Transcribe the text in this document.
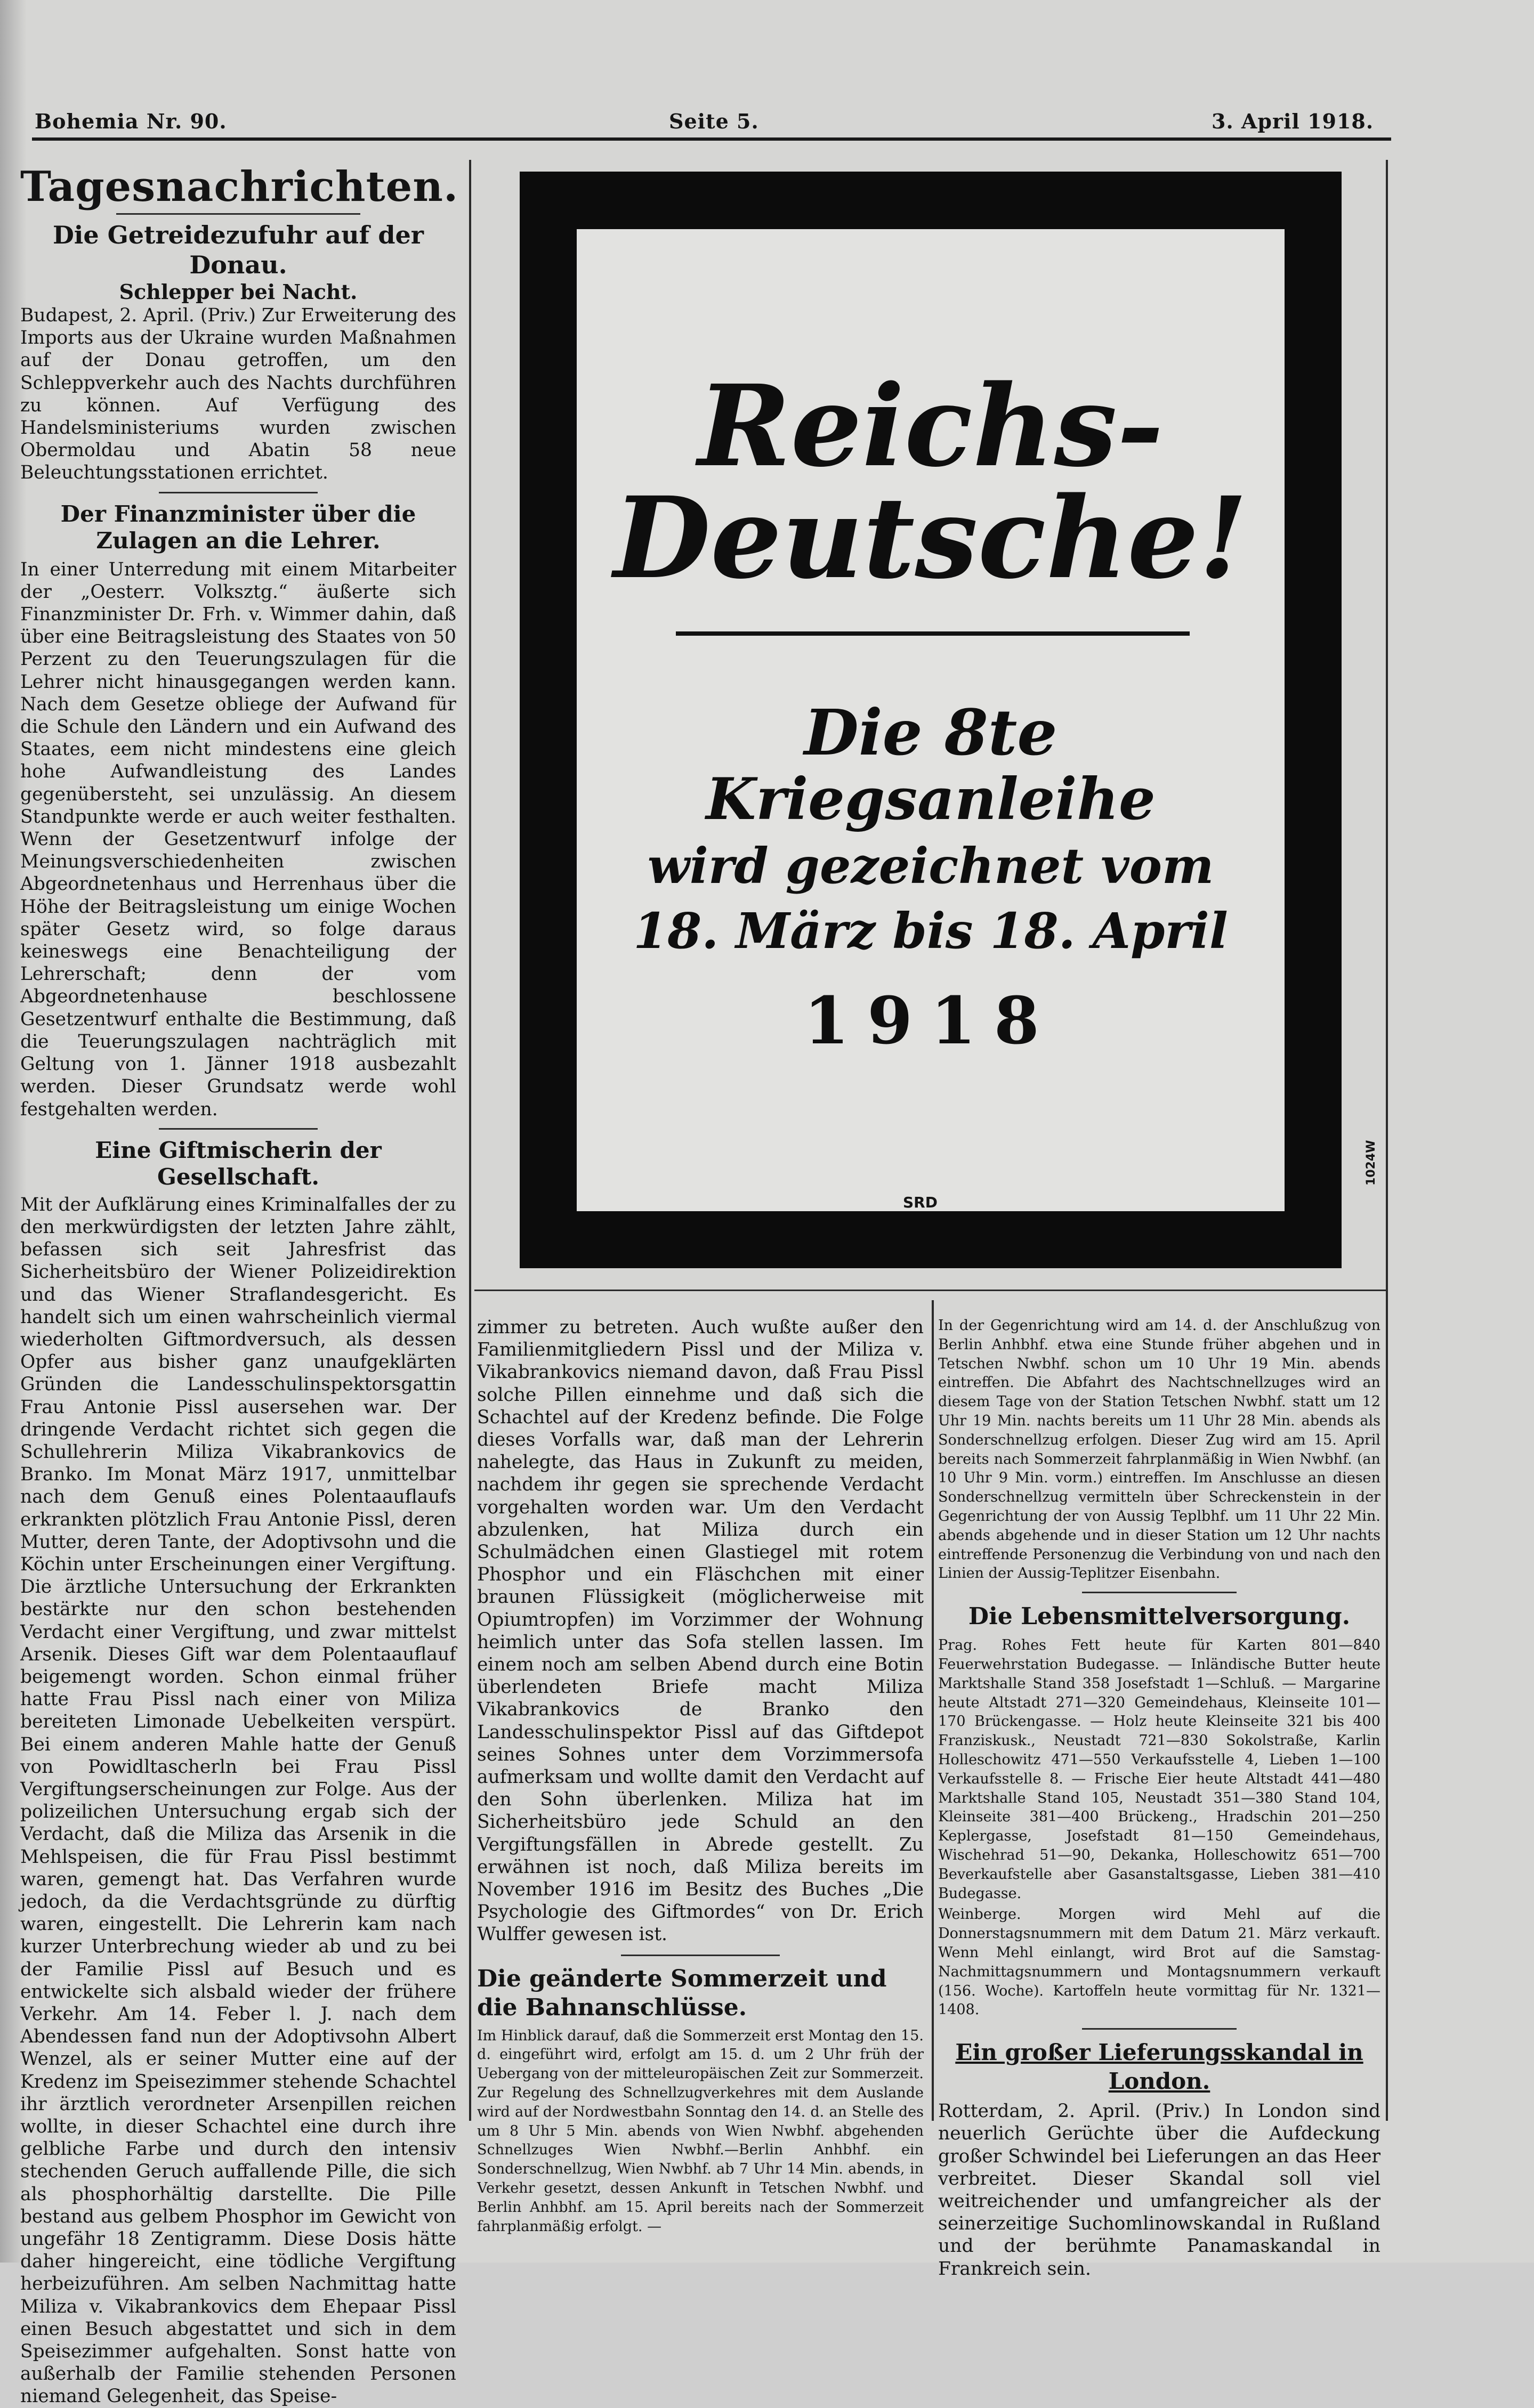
Bohemia Nr. 90.	Seite 5.	3. April 1918.

Tagesnachrichten.

Die Getreidezufuhr auf der Donau.

Schlepper bei Nacht.

Budapest, 2. April. (Priv.) Zur Erweiterung des Imports aus der Ukraine wurden Maßnahmen auf der Donau getroffen, um den Schleppverkehr auch des Nachts durchführen zu können. Auf Verfügung des Handelsministeriums wurden zwischen Obermoldau und Abatin 58 neue Beleuchtungsstationen errichtet.

Der Finanzminister über die Zulagen an die Lehrer.

In einer Unterredung mit einem Mitarbeiter der „Oesterr. Volksztg.“ äußerte sich Finanzminister Dr. Frh. v. Wimmer dahin, daß über eine Beitragsleistung des Staates von 50 Perzent zu den Teuerungszulagen für die Lehrer nicht hinausgegangen werden kann. Nach dem Gesetze obliege der Aufwand für die Schule den Ländern und ein Aufwand des Staates, eem nicht mindestens eine gleich hohe Aufwandleistung des Landes gegenübersteht, sei unzulässig. An diesem Standpunkte werde er auch weiter festhalten. Wenn der Gesetzentwurf infolge der Meinungsverschiedenheiten zwischen Abgeordnetenhaus und Herrenhaus über die Höhe der Beitragsleistung um einige Wochen später Gesetz wird, so folge daraus keineswegs eine Benachteiligung der Lehrerschaft; denn der vom Abgeordnetenhause beschlossene Gesetzentwurf enthalte die Bestimmung, daß die Teuerungszulagen nachträglich mit Geltung von 1. Jänner 1918 ausbezahlt werden. Dieser Grundsatz werde wohl festgehalten werden.

Eine Giftmischerin der Gesellschaft.

Mit der Aufklärung eines Kriminalfalles der zu den merkwürdigsten der letzten Jahre zählt, befassen sich seit Jahresfrist das Sicherheitsbüro der Wiener Polizeidirektion und das Wiener Straflandesgericht. Es handelt sich um einen wahrscheinlich viermal wiederholten Giftmordversuch, als dessen Opfer aus bisher ganz unaufgeklärten Gründen die Landesschulinspektorsgattin Frau Antonie Pissl ausersehen war. Der dringende Verdacht richtet sich gegen die Schullehrerin Miliza Vikabrankovics de Branko. Im Monat März 1917, unmittelbar nach dem Genuß eines Polentaauflaufs erkrankten plötzlich Frau Antonie Pissl, deren Mutter, deren Tante, der Adoptivsohn und die Köchin unter Erscheinungen einer Vergiftung. Die ärztliche Untersuchung der Erkrankten bestärkte nur den schon bestehenden Verdacht einer Vergiftung, und zwar mittelst Arsenik. Dieses Gift war dem Polentaauflauf beigemengt worden. Schon einmal früher hatte Frau Pissl nach einer von Miliza bereiteten Limonade Uebelkeiten verspürt. Bei einem anderen Mahle hatte der Genuß von Powidltascherln bei Frau Pissl Vergiftungserscheinungen zur Folge. Aus der polizeilichen Untersuchung ergab sich der Verdacht, daß die Miliza das Arsenik in die Mehlspeisen, die für Frau Pissl bestimmt waren, gemengt hat. Das Verfahren wurde jedoch, da die Verdachtsgründe zu dürftig waren, eingestellt. Die Lehrerin kam nach kurzer Unterbrechung wieder ab und zu bei der Familie Pissl auf Besuch und es entwickelte sich alsbald wieder der frühere Verkehr. Am 14. Feber l. J. nach dem Abendessen fand nun der Adoptivsohn Albert Wenzel, als er seiner Mutter eine auf der Kredenz im Speisezimmer stehende Schachtel ihr ärztlich verordneter Arsenpillen reichen wollte, in dieser Schachtel eine durch ihre gelbliche Farbe und durch den intensiv stechenden Geruch auffallende Pille, die sich als phosphorhältig darstellte. Die Pille bestand aus gelbem Phosphor im Gewicht von ungefähr 18 Zentigramm. Diese Dosis hätte daher hingereicht, eine tödliche Vergiftung herbeizuführen. Am selben Nachmittag hatte Miliza v. Vikabrankovics dem Ehepaar Pissl einen Besuch abgestattet und sich in dem Speisezimmer aufgehalten. Sonst hatte von außerhalb der Familie stehenden Personen niemand Gelegenheit, das Speise-

Reichs-
Deutsche!
Die 8te
Kriegsanleihe
wird gezeichnet vom
18. März bis 18. April
1918
SRD
1024W

zimmer zu betreten. Auch wußte außer den Familienmitgliedern Pissl und der Miliza v. Vikabrankovics niemand davon, daß Frau Pissl solche Pillen einnehme und daß sich die Schachtel auf der Kredenz befinde. Die Folge dieses Vorfalls war, daß man der Lehrerin nahelegte, das Haus in Zukunft zu meiden, nachdem ihr gegen sie sprechende Verdacht vorgehalten worden war. Um den Verdacht abzulenken, hat Miliza durch ein Schulmädchen einen Glastiegel mit rotem Phosphor und ein Fläschchen mit einer braunen Flüssigkeit (möglicherweise mit Opiumtropfen) im Vorzimmer der Wohnung heimlich unter das Sofa stellen lassen. Im einem noch am selben Abend durch eine Botin überlendeten Briefe macht Miliza Vikabrankovics de Branko den Landesschulinspektor Pissl auf das Giftdepot seines Sohnes unter dem Vorzimmersofa aufmerksam und wollte damit den Verdacht auf den Sohn überlenken. Miliza hat im Sicherheitsbüro jede Schuld an den Vergiftungsfällen in Abrede gestellt. Zu erwähnen ist noch, daß Miliza bereits im November 1916 im Besitz des Buches „Die Psychologie des Giftmordes“ von Dr. Erich Wulffer gewesen ist.

Die geänderte Sommerzeit und die Bahnanschlüsse.

Im Hinblick darauf, daß die Sommerzeit erst Montag den 15. d. eingeführt wird, erfolgt am 15. d. um 2 Uhr früh der Uebergang von der mitteleuropäischen Zeit zur Sommerzeit. Zur Regelung des Schnellzugverkehres mit dem Auslande wird auf der Nordwestbahn Sonntag den 14. d. an Stelle des um 8 Uhr 5 Min. abends von Wien Nwbhf. abgehenden Schnellzuges Wien Nwbhf.—Berlin Anhbhf. ein Sonderschnellzug, Wien Nwbhf. ab 7 Uhr 14 Min. abends, in Verkehr gesetzt, dessen Ankunft in Tetschen Nwbhf. und Berlin Anhbhf. am 15. April bereits nach der Sommerzeit fahrplanmäßig erfolgt. —

In der Gegenrichtung wird am 14. d. der Anschlußzug von Berlin Anhbhf. etwa eine Stunde früher abgehen und in Tetschen Nwbhf. schon um 10 Uhr 19 Min. abends eintreffen. Die Abfahrt des Nachtschnellzuges wird an diesem Tage von der Station Tetschen Nwbhf. statt um 12 Uhr 19 Min. nachts bereits um 11 Uhr 28 Min. abends als Sonderschnellzug erfolgen. Dieser Zug wird am 15. April bereits nach Sommerzeit fahrplanmäßig in Wien Nwbhf. (an 10 Uhr 9 Min. vorm.) eintreffen. Im Anschlusse an diesen Sonderschnellzug vermitteln über Schreckenstein in der Gegenrichtung der von Aussig Teplbhf. um 11 Uhr 22 Min. abends abgehende und in dieser Station um 12 Uhr nachts eintreffende Personenzug die Verbindung von und nach den Linien der Aussig-Teplitzer Eisenbahn.

Die Lebensmittelversorgung.

Prag. Rohes Fett heute für Karten 801—840 Feuerwehrstation Budegasse. — Inländische Butter heute Marktshalle Stand 358 Josefstadt 1—Schluß. — Margarine heute Altstadt 271—320 Gemeindehaus, Kleinseite 101—170 Brückengasse. — Holz heute Kleinseite 321 bis 400 Franziskusk., Neustadt 721—830 Sokolstraße, Karlin Holleschowitz 471—550 Verkaufsstelle 4, Lieben 1—100 Verkaufsstelle 8. — Frische Eier heute Altstadt 441—480 Marktshalle Stand 105, Neustadt 351—380 Stand 104, Kleinseite 381—400 Brückeng., Hradschin 201—250 Keplergasse, Josefstadt 81—150 Gemeindehaus, Wischehrad 51—90, Dekanka, Holleschowitz 651—700 Beverkaufstelle aber Gasanstaltsgasse, Lieben 381—410 Budegasse.

Weinberge. Morgen wird Mehl auf die Donnerstagsnummern mit dem Datum 21. März verkauft. Wenn Mehl einlangt, wird Brot auf die Samstag-Nachmittagsnummern und Montagsnummern verkauft (156. Woche). Kartoffeln heute vormittag für Nr. 1321—1408.

Ein großer Lieferungsskandal in London.

Rotterdam, 2. April. (Priv.) In London sind neuerlich Gerüchte über die Aufdeckung großer Schwindel bei Lieferungen an das Heer verbreitet. Dieser Skandal soll viel weitreichender und umfangreicher als der seinerzeitige Suchomlinowskandal in Rußland und der berühmte Panamaskandal in Frankreich sein.
